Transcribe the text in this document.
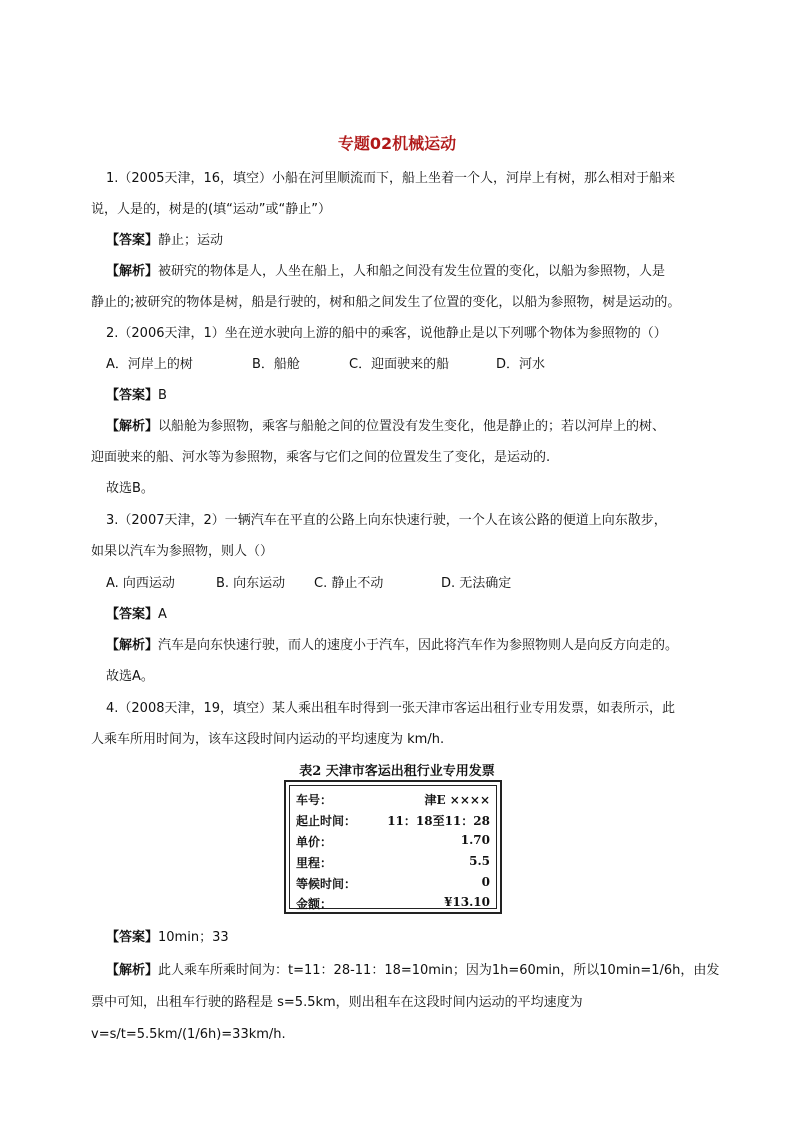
专题02机械运动
1.（2005天津，16，填空）小船在河里顺流而下，船上坐着一个人，河岸上有树，那么相对于船来
说，人是的，树是的(填“运动”或“静止”）
【答案】静止；运动
【解析】被研究的物体是人，人坐在船上，人和船之间没有发生位置的变化，以船为参照物，人是
静止的;被研究的物体是树，船是行驶的，树和船之间发生了位置的变化，以船为参照物，树是运动的。
2.（2006天津，1）坐在逆水驶向上游的船中的乘客，说他静止是以下列哪个物体为参照物的（）
A．河岸上的树	B．船舱	C．迎面驶来的船	D．河水
【答案】B
【解析】以船舱为参照物，乘客与船舱之间的位置没有发生变化，他是静止的；若以河岸上的树、
迎面驶来的船、河水等为参照物，乘客与它们之间的位置发生了变化，是运动的.
故选B。
3.（2007天津，2）一辆汽车在平直的公路上向东快速行驶，一个人在该公路的便道上向东散步，
如果以汽车为参照物，则人（）
A. 向西运动	B. 向东运动 C. 静止不动	D. 无法确定
【答案】A
【解析】汽车是向东快速行驶，而人的速度小于汽车，因此将汽车作为参照物则人是向反方向走的。
故选A。
4.（2008天津，19，填空）某人乘出租车时得到一张天津市客运出租行业专用发票，如表所示，此
人乘车所用时间为，该车这段时间内运动的平均速度为 km/h.
表2 天津市客运出租行业专用发票
车号：	津E ××××
起止时间：	11：18至11：28
单价：	1.70
里程：	5.5
等候时间：	0
金额：	¥13.10
【答案】10min；33
【解析】此人乘车所乘时间为：t=11：28-11：18=10min；因为1h=60min，所以10min=1/6h，由发
票中可知，出租车行驶的路程是 s=5.5km，则出租车在这段时间内运动的平均速度为
v=s/t=5.5km/(1/6h)=33km/h.
